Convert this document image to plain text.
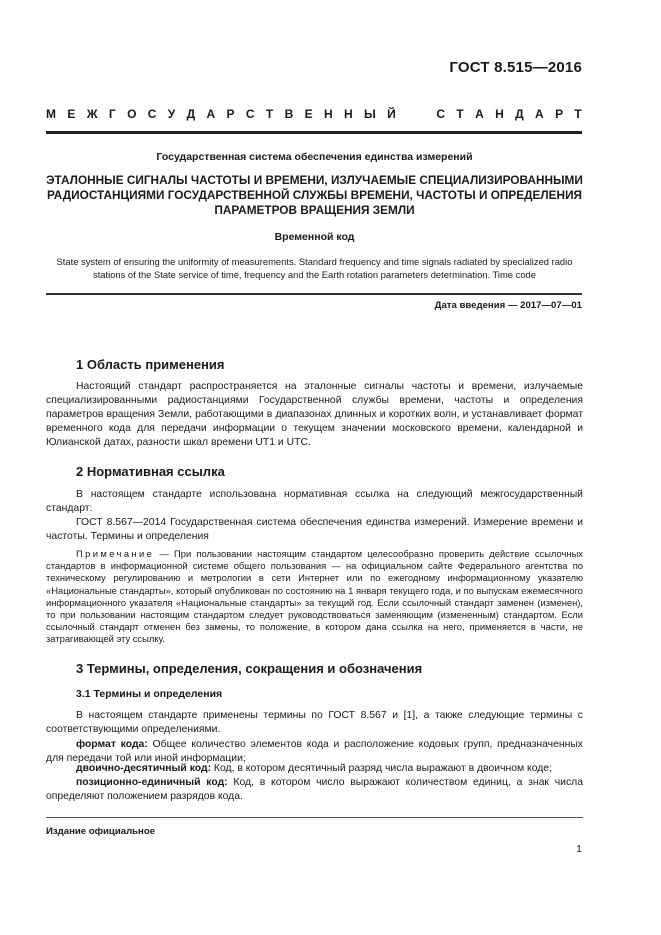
ГОСТ 8.515—2016
М Е Ж Г О С У Д А Р С Т В Е Н Н Ы Й

	С Т А Н Д А Р Т
Государственная система обеспечения единства измерений
ЭТАЛОННЫЕ СИГНАЛЫ ЧАСТОТЫ И ВРЕМЕНИ, ИЗЛУЧАЕМЫЕ СПЕЦИАЛИЗИРОВАННЫМИ РАДИОСТАНЦИЯМИ ГОСУДАРСТВЕННОЙ СЛУЖБЫ ВРЕМЕНИ, ЧАСТОТЫ И ОПРЕДЕЛЕНИЯ ПАРАМЕТРОВ ВРАЩЕНИЯ ЗЕМЛИ
Временной код
State system of ensuring the uniformity of measurements. Standard frequency and time signals radiated by specialized radio stations of the State service of time, frequency and the Earth rotation parameters determination. Time code
Дата введения — 2017—07—01
1 Область применения

Настоящий стандарт распространяется на эталонные сигналы частоты и времени, излучаемые специализированными радиостанциями Государственной службы времени, частоты и определения параметров вращения Земли, работающими в диапазонах длинных и коротких волн, и устанавливает формат временного кода для передачи информации о текущем значении московского времени, календарной и Юлианской датах, разности шкал времени UT1 и UTC.

2 Нормативная ссылка

В настоящем стандарте использована нормативная ссылка на следующий межгосударственный стандарт:

ГОСТ 8.567—2014 Государственная система обеспечения единства измерений. Измерение времени и частоты. Термины и определения

Примечание — При пользовании настоящим стандартом целесообразно проверить действие ссылочных стандартов в информационной системе общего пользования — на официальном сайте Федерального агентства по техническому регулированию и метрологии в сети Интернет или по ежегодному информационному указателю «Национальные стандарты», который опубликован по состоянию на 1 января текущего года, и по выпускам ежемесячного информационного указателя «Национальные стандарты» за текущий год. Если ссылочный стандарт заменен (изменен), то при пользовании настоящим стандартом следует руководствоваться заменяющим (измененным) стандартом. Если ссылочный стандарт отменен без замены, то положение, в котором дана ссылка на него, применяется в части, не затрагивающей эту ссылку.

3 Термины, определения, сокращения и обозначения
3.1 Термины и определения

В настоящем стандарте применены термины по ГОСТ 8.567 и [1], а также следующие термины с соответствующими определениями.

формат кода: Общее количество элементов кода и расположение кодовых групп, предназначенных для передачи той или иной информации;

двоично-десятичный код: Код, в котором десятичный разряд числа выражают в двоичном коде;

позиционно-единичный код: Код, в котором число выражают количеством единиц, а знак числа определяют положением разрядов кода.

Издание официальное
1
